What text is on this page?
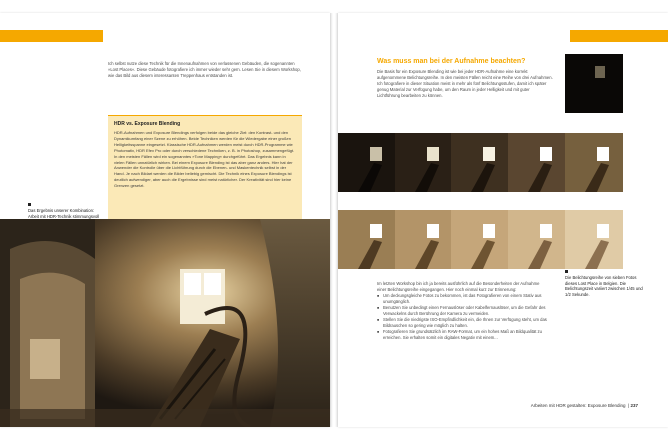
Ich selbst nutze diese Technik für die Innenaufnahmen von verlassenen Gebäuden, die sogenannten »Lost Places«. Diese Gebäude fotografiere ich immer wieder sehr gern. Lesen Sie in diesem Workshop, wie das Bild aus diesem interessanten Treppenhaus entstanden ist.
HDR vs. Exposure Blending
HDR-Aufnahmen und Exposure Blendings verfolgen beide das gleiche Ziel: den Kontrast- und den Dynamikumfang einer Szene zu erhöhen. Beide Techniken werden für die Wiedergabe einer großen Helligkeitsspanne eingesetzt. Klassische HDR-Aufnahmen werden meist durch HDR-Programme wie Photomatix, HDR Efex Pro oder durch verschiedene Techniken, z. B. in Photoshop, zusammengefügt. In den meisten Fällen wird ein sogenanntes »Tone Mapping« durchgeführt. Das Ergebnis kann in vielen Fällen unnatürlich wirken. Bei einem Exposure Blending ist das aber ganz anders. Hier hat der Anwender die Kontrolle über die Lichtführung durch die Ebenen- und Maskentechnik selbst in der Hand. Je nach Bildart werden die Bilder beliebig gemischt. Die Technik eines Exposure Blendings ist deutlich aufwendiger, aber auch die Ergebnisse sind meist natürlicher. Der Kreativität sind hier keine Grenzen gesetzt.
Das Ergebnis unserer Kombination: Arbeit mit HDR-Technik stimmungsvoll
Was muss man bei der Aufnahme beachten?
Die Basis für ein Exposure Blending ist wie bei jeder HDR-Aufnahme eine korrekt aufgenommene Belichtungsreihe. In den meisten Fällen reicht eine Reihe von drei Aufnahmen. Ich fotografiere in dieser Situation meist in mehr als fünf Belichtungsstufen, damit ich später genug Material zur Verfügung habe, um den Raum in jeder Helligkeit und mit guter Lichtführung bearbeiten zu können.
Die Belichtungsreihe von sieben Fotos dieses Lost Place in Belgien. Die Belichtungszeit variiert zwischen 1/45 und 1/2 Sekunde.
Im letzten Workshop bin ich ja bereits ausführlich auf die Besonderheiten der Aufnahme einer Belichtungsreihe eingegangen. Hier noch einmal kurz zur Erinnerung:
■ Um deckungsgleiche Fotos zu bekommen, ist das Fotografieren von einem Stativ aus unumgänglich.
■ Benutzen Sie unbedingt einen Fernauslöser oder Kabelfernauslöser, um die Gefahr des Verwackelns durch Berührung der Kamera zu vermeiden.
■ Stellen Sie die niedrigste ISO-Empfindlichkeit ein, die Ihnen zur Verfügung steht, um das Bildrauschen so gering wie möglich zu halten.
■ Fotografieren Sie grundsätzlich im RAW-Format, um ein hohes Maß an Bildqualität zu erreichen. Sie erhalten somit ein digitales Negativ mit einem...
Arbeiten mit HDR gestalten: Exposure Blending  | 237
